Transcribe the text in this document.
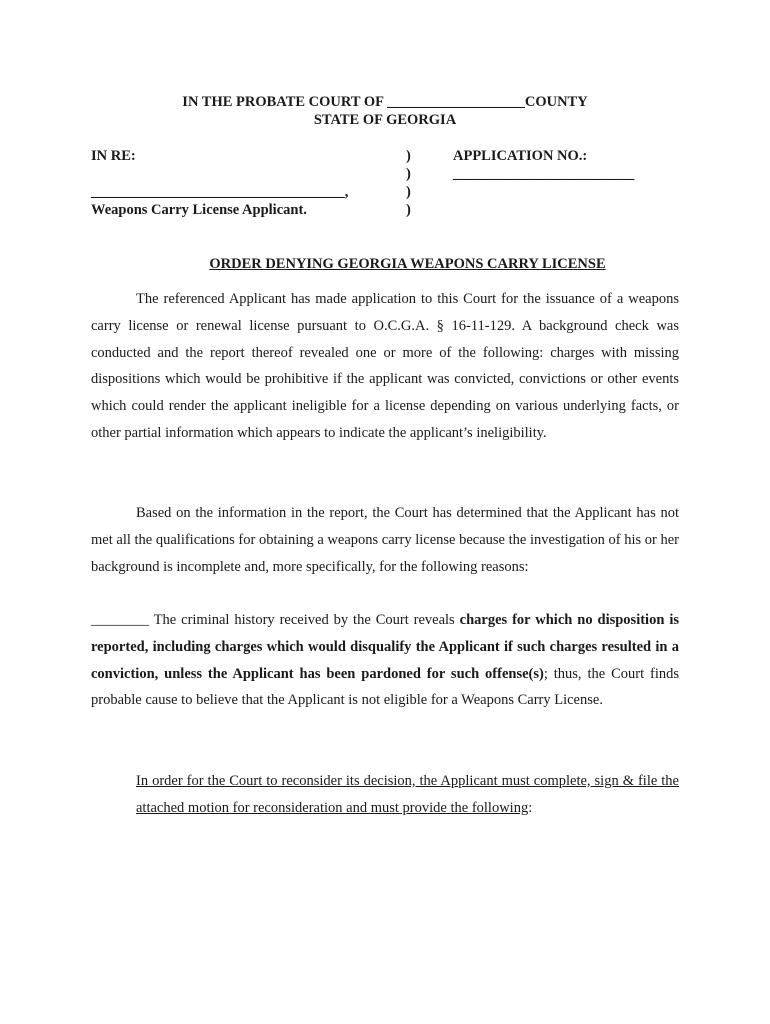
IN THE PROBATE COURT OF ___________________COUNTY
STATE OF GEORGIA
IN RE:
___________________________________,
Weapons Carry License Applicant.
)
)
)
)
APPLICATION NO.:
_________________________
ORDER DENYING GEORGIA WEAPONS CARRY LICENSE

The referenced Applicant has made application to this Court for the issuance of a weapons carry license or renewal license pursuant to O.C.G.A. § 16-11-129. A background check was conducted and the report thereof revealed one or more of the following: charges with missing dispositions which would be prohibitive if the applicant was convicted, convictions or other events which could render the applicant ineligible for a license depending on various underlying facts, or other partial information which appears to indicate the applicant’s ineligibility.

Based on the information in the report, the Court has determined that the Applicant has not met all the qualifications for obtaining a weapons carry license because the investigation of his or her background is incomplete and, more specifically, for the following reasons:

________ The criminal history received by the Court reveals charges for which no disposition is reported, including charges which would disqualify the Applicant if such charges resulted in a conviction, unless the Applicant has been pardoned for such offense(s); thus, the Court finds probable cause to believe that the Applicant is not eligible for a Weapons Carry License.

In order for the Court to reconsider its decision, the Applicant must complete, sign & file the attached motion for reconsideration and must provide the following:
